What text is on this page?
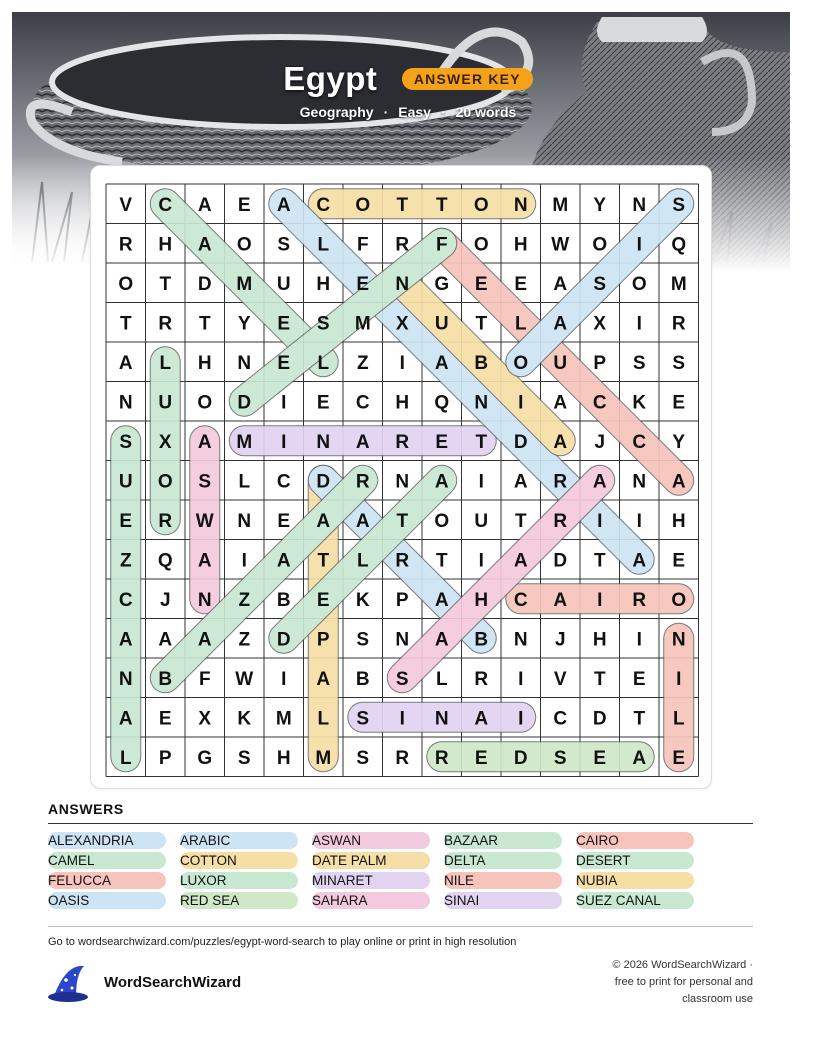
Egypt	ANSWER KEY
Geography · Easy · 20 words
V C A E A C O T T O N M Y N S
R H A O S L F R F O H W O I Q
O T D M U H E N G E E A S O M
T R T Y E S M X U T L A X I R
A L H N E L Z I A B O U P S S
N U O D I E C H Q N I A C K E
S X A M I N A R E T D A J C Y
U O S L C D R N A I A R A N A
E R W N E A A T O U T R I I H
Z Q A I A T L R T I A D T A E
C J N Z B E K P A H C A I R O
A A A Z D P S N A B N J H I N
N B F W I A B S L R I V T E I
A E X K M L S I N A I C D T L
L P G S H M S R R E D S E A E
ANSWERS
ALEXANDRIA	ARABIC	ASWAN	BAZAAR	CAIRO
CAMEL	COTTON	DATE PALM	DELTA	DESERT
FELUCCA	LUXOR	MINARET	NILE	NUBIA
OASIS	RED SEA	SAHARA	SINAI	SUEZ CANAL
Go to wordsearchwizard.com/puzzles/egypt-word-search to play online or print in high resolution
WordSearchWizard
© 2026 WordSearchWizard ·
free to print for personal and
classroom use
